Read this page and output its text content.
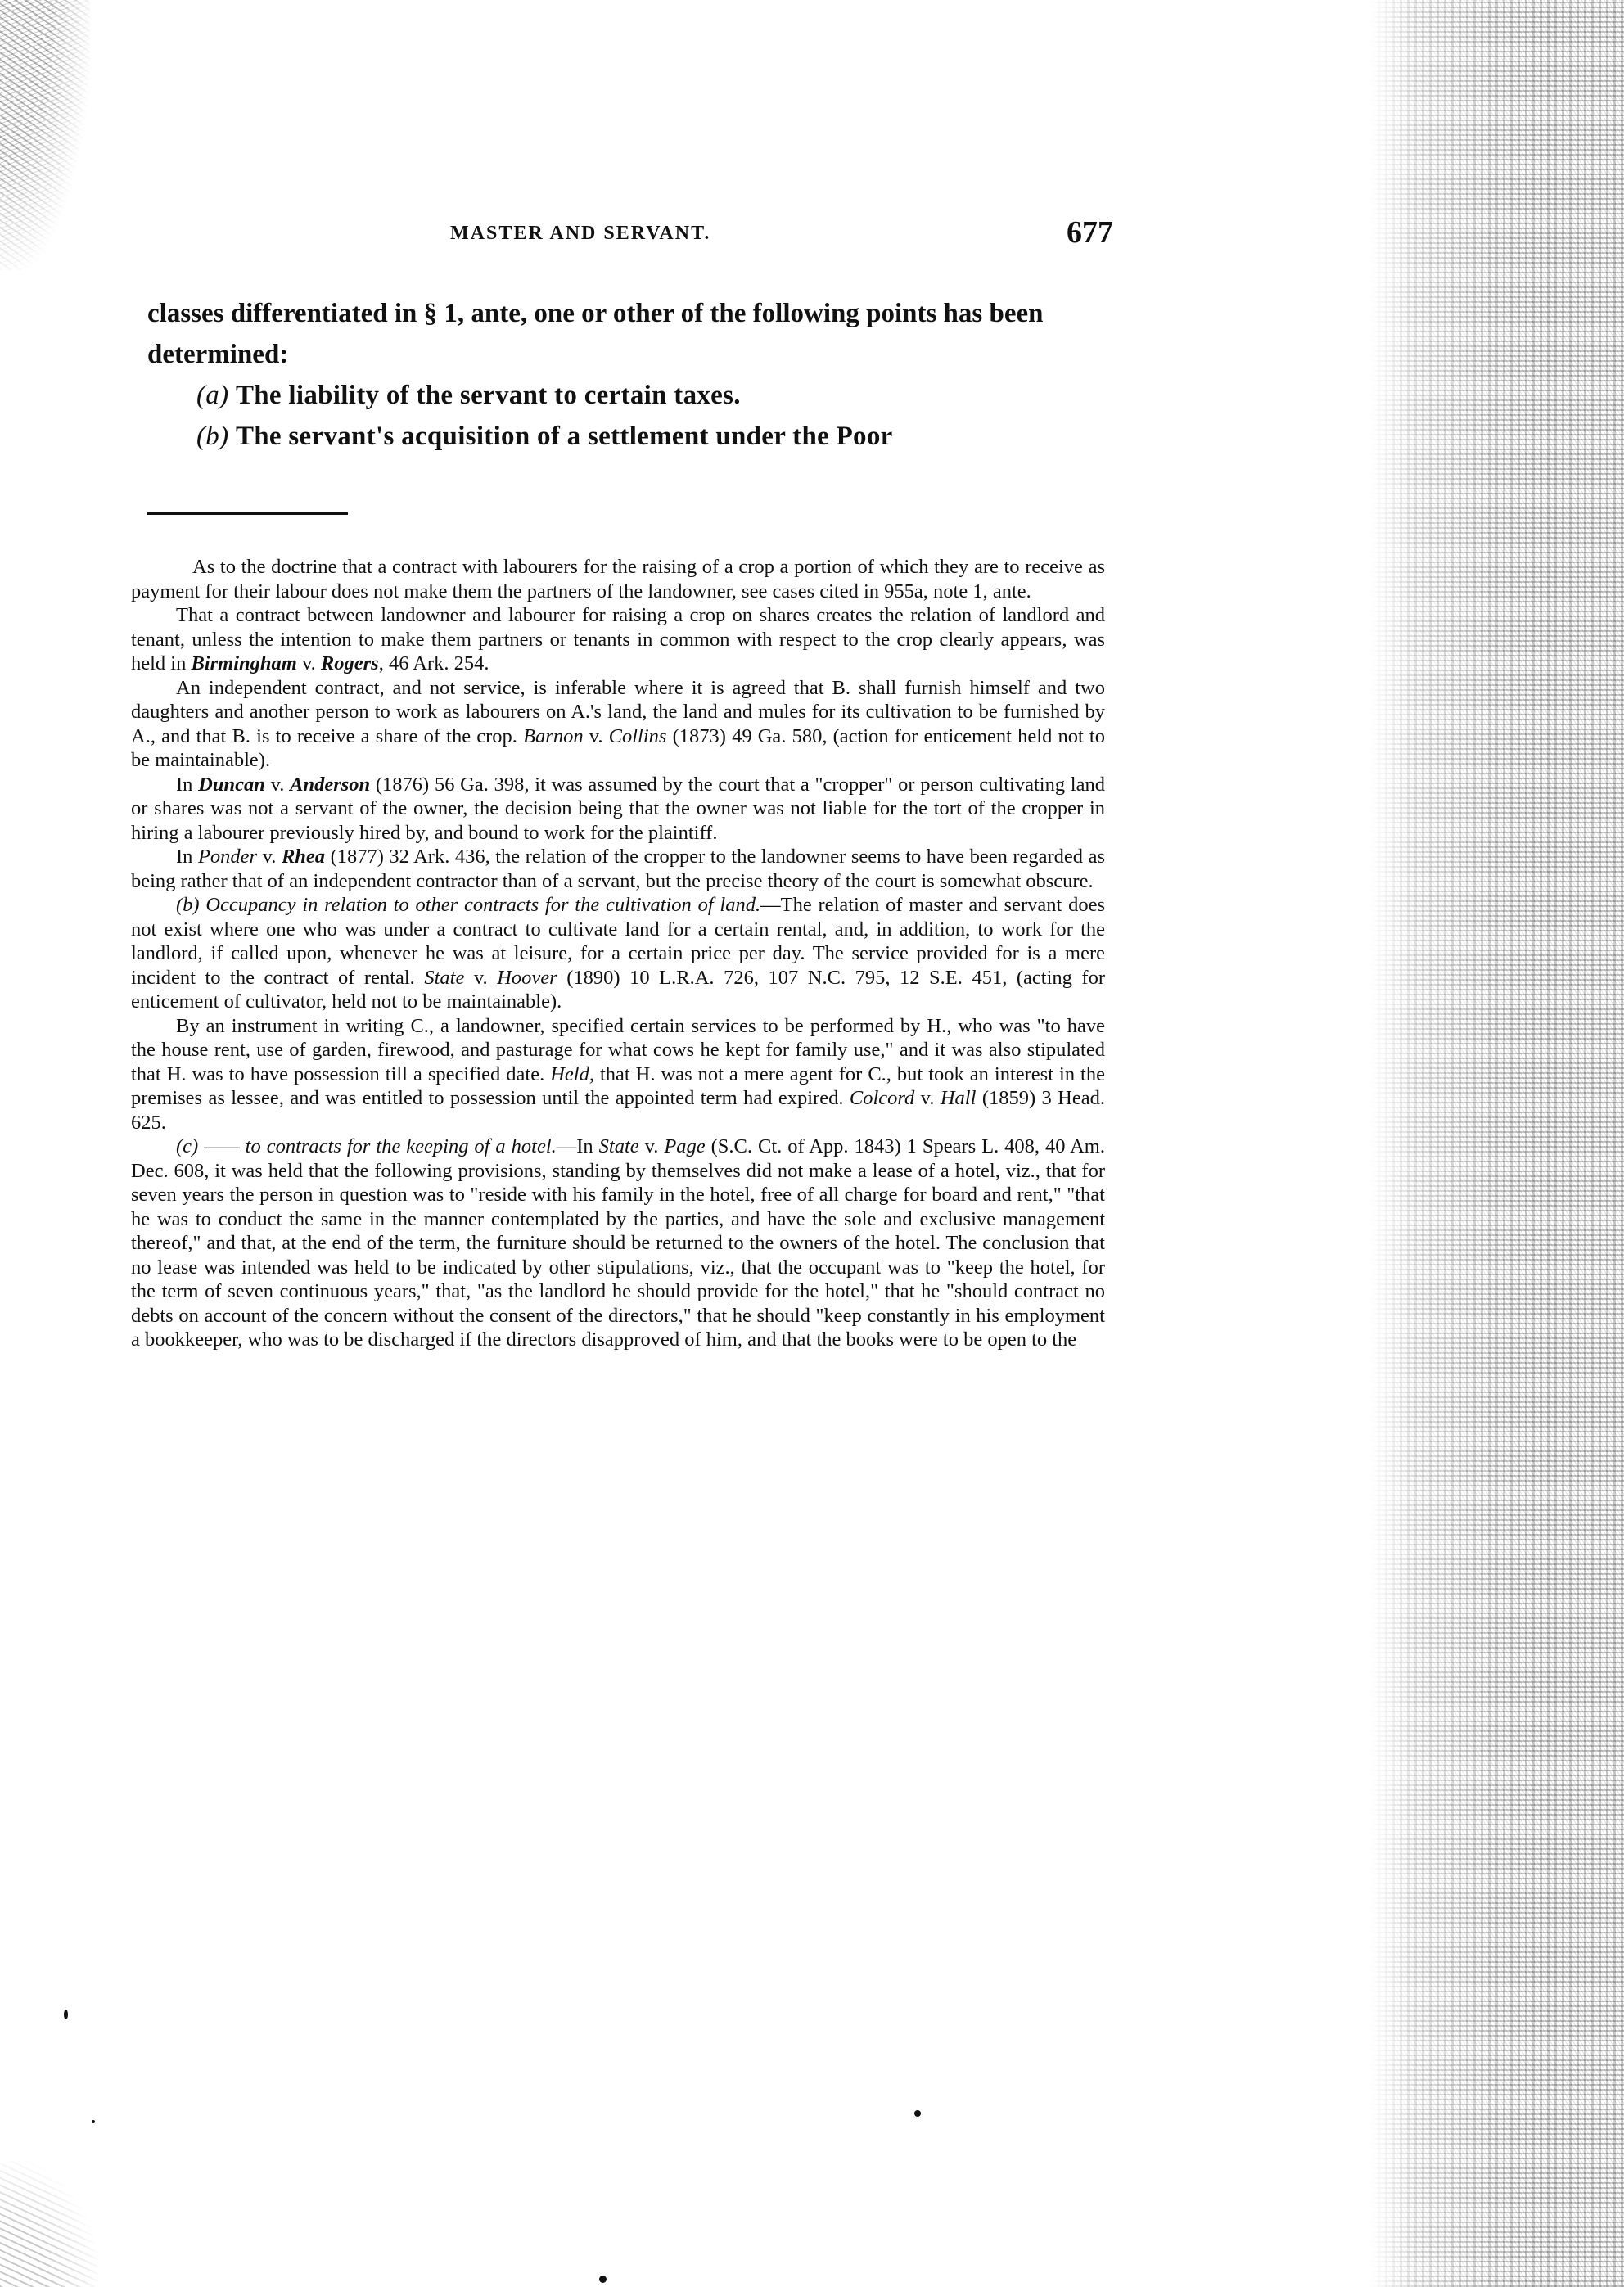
MASTER AND SERVANT.	677

classes differentiated in § 1, ante, one or other of the following points has been determined:

(a) The liability of the servant to certain taxes.

(b) The servant's acquisition of a settlement under the Poor

As to the doctrine that a contract with labourers for the raising of a crop a portion of which they are to receive as payment for their labour does not make them the partners of the landowner, see cases cited in 955a, note 1, ante.

That a contract between landowner and labourer for raising a crop on shares creates the relation of landlord and tenant, unless the intention to make them partners or tenants in common with respect to the crop clearly appears, was held in Birmingham v. Rogers, 46 Ark. 254.

An independent contract, and not service, is inferable where it is agreed that B. shall furnish himself and two daughters and another person to work as labourers on A.'s land, the land and mules for its cultivation to be furnished by A., and that B. is to receive a share of the crop. Barnon v. Collins (1873) 49 Ga. 580, (action for enticement held not to be maintainable).

In Duncan v. Anderson (1876) 56 Ga. 398, it was assumed by the court that a "cropper" or person cultivating land or shares was not a servant of the owner, the decision being that the owner was not liable for the tort of the cropper in hiring a labourer previously hired by, and bound to work for the plaintiff.

In Ponder v. Rhea (1877) 32 Ark. 436, the relation of the cropper to the landowner seems to have been regarded as being rather that of an independent contractor than of a servant, but the precise theory of the court is somewhat obscure.

(b) Occupancy in relation to other contracts for the cultivation of land.—The relation of master and servant does not exist where one who was under a contract to cultivate land for a certain rental, and, in addition, to work for the landlord, if called upon, whenever he was at leisure, for a certain price per day. The service provided for is a mere incident to the contract of rental. State v. Hoover (1890) 10 L.R.A. 726, 107 N.C. 795, 12 S.E. 451, (acting for enticement of cultivator, held not to be maintainable).

By an instrument in writing C., a landowner, specified certain services to be performed by H., who was "to have the house rent, use of garden, firewood, and pasturage for what cows he kept for family use," and it was also stipulated that H. was to have possession till a specified date. Held, that H. was not a mere agent for C., but took an interest in the premises as lessee, and was entitled to possession until the appointed term had expired. Colcord v. Hall (1859) 3 Head. 625.

(c) —— to contracts for the keeping of a hotel.—In State v. Page (S.C. Ct. of App. 1843) 1 Spears L. 408, 40 Am. Dec. 608, it was held that the following provisions, standing by themselves did not make a lease of a hotel, viz., that for seven years the person in question was to "reside with his family in the hotel, free of all charge for board and rent," "that he was to conduct the same in the manner contemplated by the parties, and have the sole and exclusive management thereof," and that, at the end of the term, the furniture should be returned to the owners of the hotel. The conclusion that no lease was intended was held to be indicated by other stipulations, viz., that the occupant was to "keep the hotel, for the term of seven continuous years," that, "as the landlord he should provide for the hotel," that he "should contract no debts on account of the concern without the consent of the directors," that he should "keep constantly in his employment a bookkeeper, who was to be discharged if the directors disapproved of him, and that the books were to be open to the
